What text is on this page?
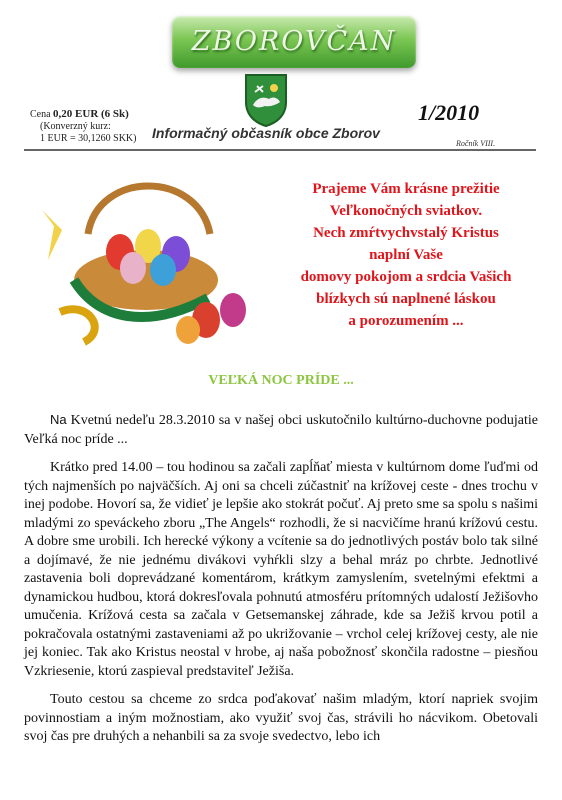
ZBOROVČAN
Cena 0,20 EUR (6 Sk)
(Konverzný kurz:
1 EUR = 30,1260 SKK)
1/2010
Informačný občasník obce Zborov
Ročník VIII.
Prajeme Vám krásne prežitie
Veľkonočných sviatkov.
Nech zmŕtvychvstalý Kristus
naplní Vaše
domovy pokojom a srdcia Vašich
blízkych sú naplnené láskou
a porozumením ...
VEĽKÁ NOC PRÍDE ...

Na Kvetnú nedeľu 28.3.2010 sa v našej obci uskutočnilo kultúrno-duchovne podujatie Veľká noc príde ...

Krátko pred 14.00 – tou hodinou sa začali zapĺňať miesta v kultúrnom dome ľuďmi od tých najmenších po najväčších. Aj oni sa chceli zúčastniť na krížovej ceste - dnes trochu v inej podobe. Hovorí sa, že vidieť je lepšie ako stokrát počuť. Aj preto sme sa spolu s našimi mladými zo speváckeho zboru „The Angels“ rozhodli, že si nacvičíme hranú krížovú cestu. A dobre sme urobili. Ich herecké výkony a vcítenie sa do jednotlivých postáv bolo tak silné a dojímavé, že nie jednému divákovi vyhŕkli slzy a behal mráz po chrbte. Jednotlivé zastavenia boli doprevádzané komentárom, krátkym zamyslením, svetelnými efektmi a dynamickou hudbou, ktorá dokresľovala pohnutú atmosféru prítomných udalostí Ježišovho umučenia. Krížová cesta sa začala v Getsemanskej záhrade, kde sa Ježiš krvou potil a pokračovala ostatnými zastaveniami až po ukrižovanie – vrchol celej krížovej cesty, ale nie jej koniec. Tak ako Kristus neostal v hrobe, aj naša pobožnosť skončila radostne – piesňou Vzkriesenie, ktorú zaspieval predstaviteľ Ježiša.

Touto cestou sa chceme zo srdca poďakovať našim mladým, ktorí napriek svojim povinnostiam a iným možnostiam, ako využiť svoj čas, strávili ho nácvikom. Obetovali svoj čas pre druhých a nehanbili sa za svoje svedectvo, lebo ich
